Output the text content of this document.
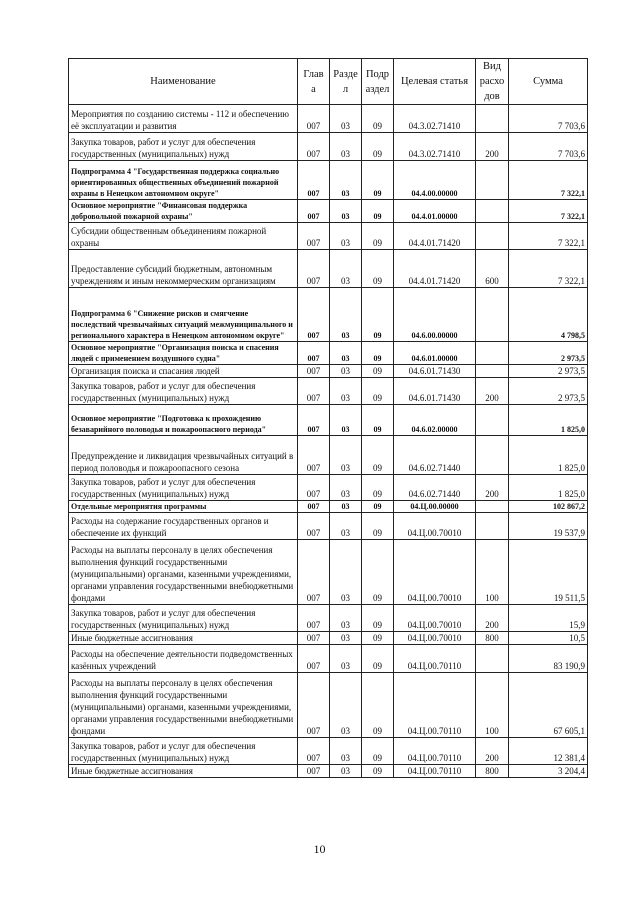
Наименование	Глав а	Разде л	Подр аздел	Целевая статья	Вид расхо дов	Сумма
Мероприятия по созданию системы - 112 и обеспечению её эксплуатации и развития	007	03	09	04.3.02.71410		7 703,6
Закупка товаров, работ и услуг для обеспечения государственных (муниципальных) нужд	007	03	09	04.3.02.71410	200	7 703,6
Подпрограмма 4 "Государственная поддержка социально ориентированных общественных объединений пожарной охраны в Ненецком автономном округе"	007	03	09	04.4.00.00000		7 322,1
Основное мероприятие "Финансовая поддержка добровольной пожарной охраны"	007	03	09	04.4.01.00000		7 322,1
Субсидии общественным объединениям пожарной охраны	007	03	09	04.4.01.71420		7 322,1
Предоставление субсидий бюджетным, автономным учреждениям и иным некоммерческим организациям	007	03	09	04.4.01.71420	600	7 322,1
Подпрограмма 6 "Снижение рисков и смягчение последствий чрезвычайных ситуаций межмуниципального и регионального характера в Ненецком автономном округе"	007	03	09	04.6.00.00000		4 798,5
Основное мероприятие "Организация поиска и спасения людей с применением воздушного судна"	007	03	09	04.6.01.00000		2 973,5
Организация поиска и спасания людей	007	03	09	04.6.01.71430		2 973,5
Закупка товаров, работ и услуг для обеспечения государственных (муниципальных) нужд	007	03	09	04.6.01.71430	200	2 973,5
Основное мероприятие "Подготовка к прохождению безаварийного половодья и пожароопасного периода"	007	03	09	04.6.02.00000		1 825,0
Предупреждение и ликвидация чрезвычайных ситуаций в период половодья и пожароопасного сезона	007	03	09	04.6.02.71440		1 825,0
Закупка товаров, работ и услуг для обеспечения государственных (муниципальных) нужд	007	03	09	04.6.02.71440	200	1 825,0
Отдельные мероприятия программы	007	03	09	04.Ц.00.00000		102 867,2
Расходы на содержание государственных органов и обеспечение их функций	007	03	09	04.Ц.00.70010		19 537,9
Расходы на выплаты персоналу в целях обеспечения выполнения функций государственными (муниципальными) органами, казенными учреждениями, органами управления государственными внебюджетными фондами	007	03	09	04.Ц.00.70010	100	19 511,5
Закупка товаров, работ и услуг для обеспечения государственных (муниципальных) нужд	007	03	09	04.Ц.00.70010	200	15,9
Иные бюджетные ассигнования	007	03	09	04.Ц.00.70010	800	10,5
Расходы на обеспечение деятельности подведомственных казённых учреждений	007	03	09	04.Ц.00.70110		83 190,9
Расходы на выплаты персоналу в целях обеспечения выполнения функций государственными (муниципальными) органами, казенными учреждениями, органами управления государственными внебюджетными фондами	007	03	09	04.Ц.00.70110	100	67 605,1
Закупка товаров, работ и услуг для обеспечения государственных (муниципальных) нужд	007	03	09	04.Ц.00.70110	200	12 381,4
Иные бюджетные ассигнования	007	03	09	04.Ц.00.70110	800	3 204,4
10
